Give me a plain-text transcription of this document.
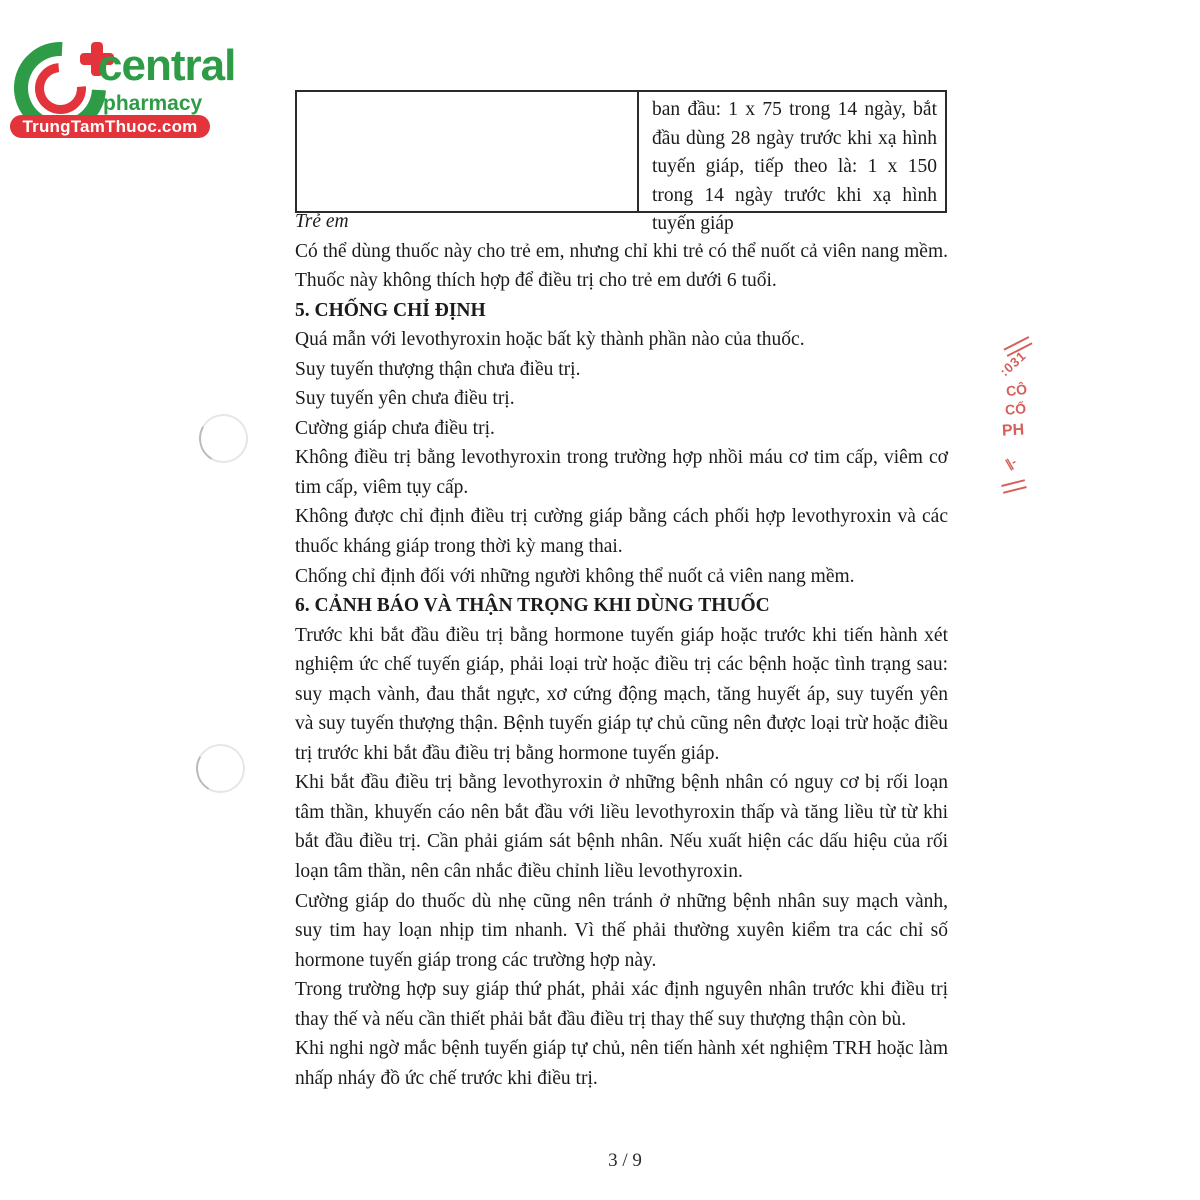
central
pharmacy
TrungTamThuoc.com
ban đầu: 1 x 75 trong 14 ngày, bắt đầu dùng 28 ngày trước khi xạ hình tuyến giáp, tiếp theo là: 1 x 150 trong 14 ngày trước khi xạ hình tuyến giáp

Trẻ em

Có thể dùng thuốc này cho trẻ em, nhưng chỉ khi trẻ có thể nuốt cả viên nang mềm. Thuốc này không thích hợp để điều trị cho trẻ em dưới 6 tuổi.

5. CHỐNG CHỈ ĐỊNH

Quá mẫn với levothyroxin hoặc bất kỳ thành phần nào của thuốc.

Suy tuyến thượng thận chưa điều trị.

Suy tuyến yên chưa điều trị.

Cường giáp chưa điều trị.

Không điều trị bằng levothyroxin trong trường hợp nhồi máu cơ tim cấp, viêm cơ tim cấp, viêm tụy cấp.

Không được chỉ định điều trị cường giáp bằng cách phối hợp levothyroxin và các thuốc kháng giáp trong thời kỳ mang thai.

Chống chỉ định đối với những người không thể nuốt cả viên nang mềm.

6. CẢNH BÁO VÀ THẬN TRỌNG KHI DÙNG THUỐC

Trước khi bắt đầu điều trị bằng hormone tuyến giáp hoặc trước khi tiến hành xét nghiệm ức chế tuyến giáp, phải loại trừ hoặc điều trị các bệnh hoặc tình trạng sau: suy mạch vành, đau thắt ngực, xơ cứng động mạch, tăng huyết áp, suy tuyến yên và suy tuyến thượng thận. Bệnh tuyến giáp tự chủ cũng nên được loại trừ hoặc điều trị trước khi bắt đầu điều trị bằng hormone tuyến giáp.

Khi bắt đầu điều trị bằng levothyroxin ở những bệnh nhân có nguy cơ bị rối loạn tâm thần, khuyến cáo nên bắt đầu với liều levothyroxin thấp và tăng liều từ từ khi bắt đầu điều trị. Cần phải giám sát bệnh nhân. Nếu xuất hiện các dấu hiệu của rối loạn tâm thần, nên cân nhắc điều chỉnh liều levothyroxin.

Cường giáp do thuốc dù nhẹ cũng nên tránh ở những bệnh nhân suy mạch vành, suy tim hay loạn nhịp tim nhanh. Vì thế phải thường xuyên kiểm tra các chỉ số hormone tuyến giáp trong các trường hợp này.

Trong trường hợp suy giáp thứ phát, phải xác định nguyên nhân trước khi điều trị thay thế và nếu cần thiết phải bắt đầu điều trị thay thế suy thượng thận còn bù.

Khi nghi ngờ mắc bệnh tuyến giáp tự chủ, nên tiến hành xét nghiệm TRH hoặc làm nhấp nháy đồ ức chế trước khi điều trị.

:031
CÔ
CỔ
PH
∥-
3 / 9
